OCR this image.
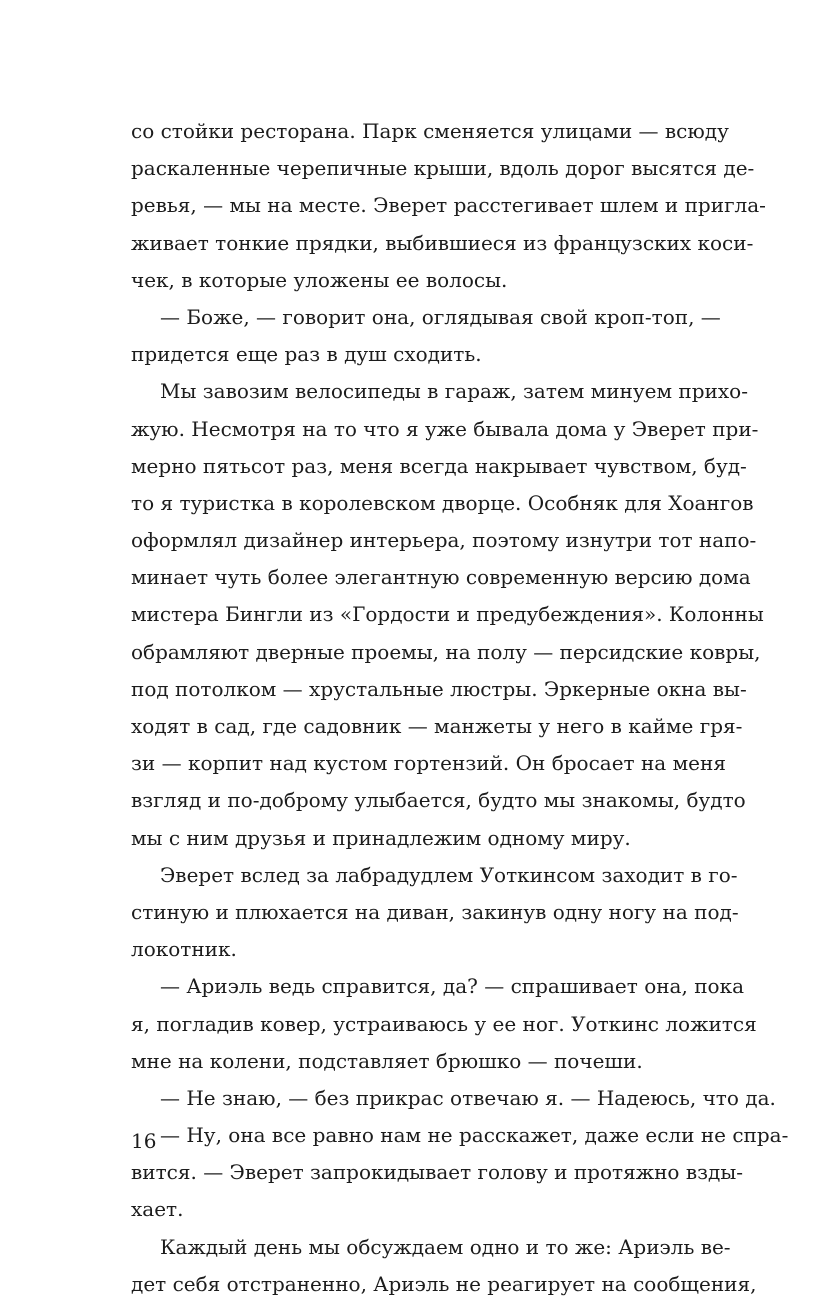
со стойки ресторана. Парк сменяется улицами — всюду
раскаленные черепичные крыши, вдоль дорог высятся де-
ревья, — мы на месте. Эверет расстегивает шлем и пригла-
живает тонкие прядки, выбившиеся из французских коси-
чек, в которые уложены ее волосы.
— Боже, — говорит она, оглядывая свой кроп-топ, —
придется еще раз в душ сходить.
Мы завозим велосипеды в гараж, затем минуем прихо-
жую. Несмотря на то что я уже бывала дома у Эверет при-
мерно пятьсот раз, меня всегда накрывает чувством, буд-
то я туристка в королевском дворце. Особняк для Хоангов
оформлял дизайнер интерьера, поэтому изнутри тот напо-
минает чуть более элегантную современную версию дома
мистера Бингли из «Гордости и предубеждения». Колонны
обрамляют дверные проемы, на полу — персидские ковры,
под потолком — хрустальные люстры. Эркерные окна вы-
ходят в сад, где садовник — манжеты у него в кайме гря-
зи — корпит над кустом гортензий. Он бросает на меня
взгляд и по-доброму улыбается, будто мы знакомы, будто
мы с ним друзья и принадлежим одному миру.
Эверет вслед за лабрадудлем Уоткинсом заходит в го-
стиную и плюхается на диван, закинув одну ногу на под-
локотник.
— Ариэль ведь справится, да? — спрашивает она, пока
я, погладив ковер, устраиваюсь у ее ног. Уоткинс ложится
мне на колени, подставляет брюшко — почеши.
— Не знаю, — без прикрас отвечаю я. — Надеюсь, что да.
— Ну, она все равно нам не расскажет, даже если не спра-
вится. — Эверет запрокидывает голову и протяжно взды-
хает.
Каждый день мы обсуждаем одно и то же: Ариэль ве-
дет себя отстраненно, Ариэль не реагирует на сообщения,
16
